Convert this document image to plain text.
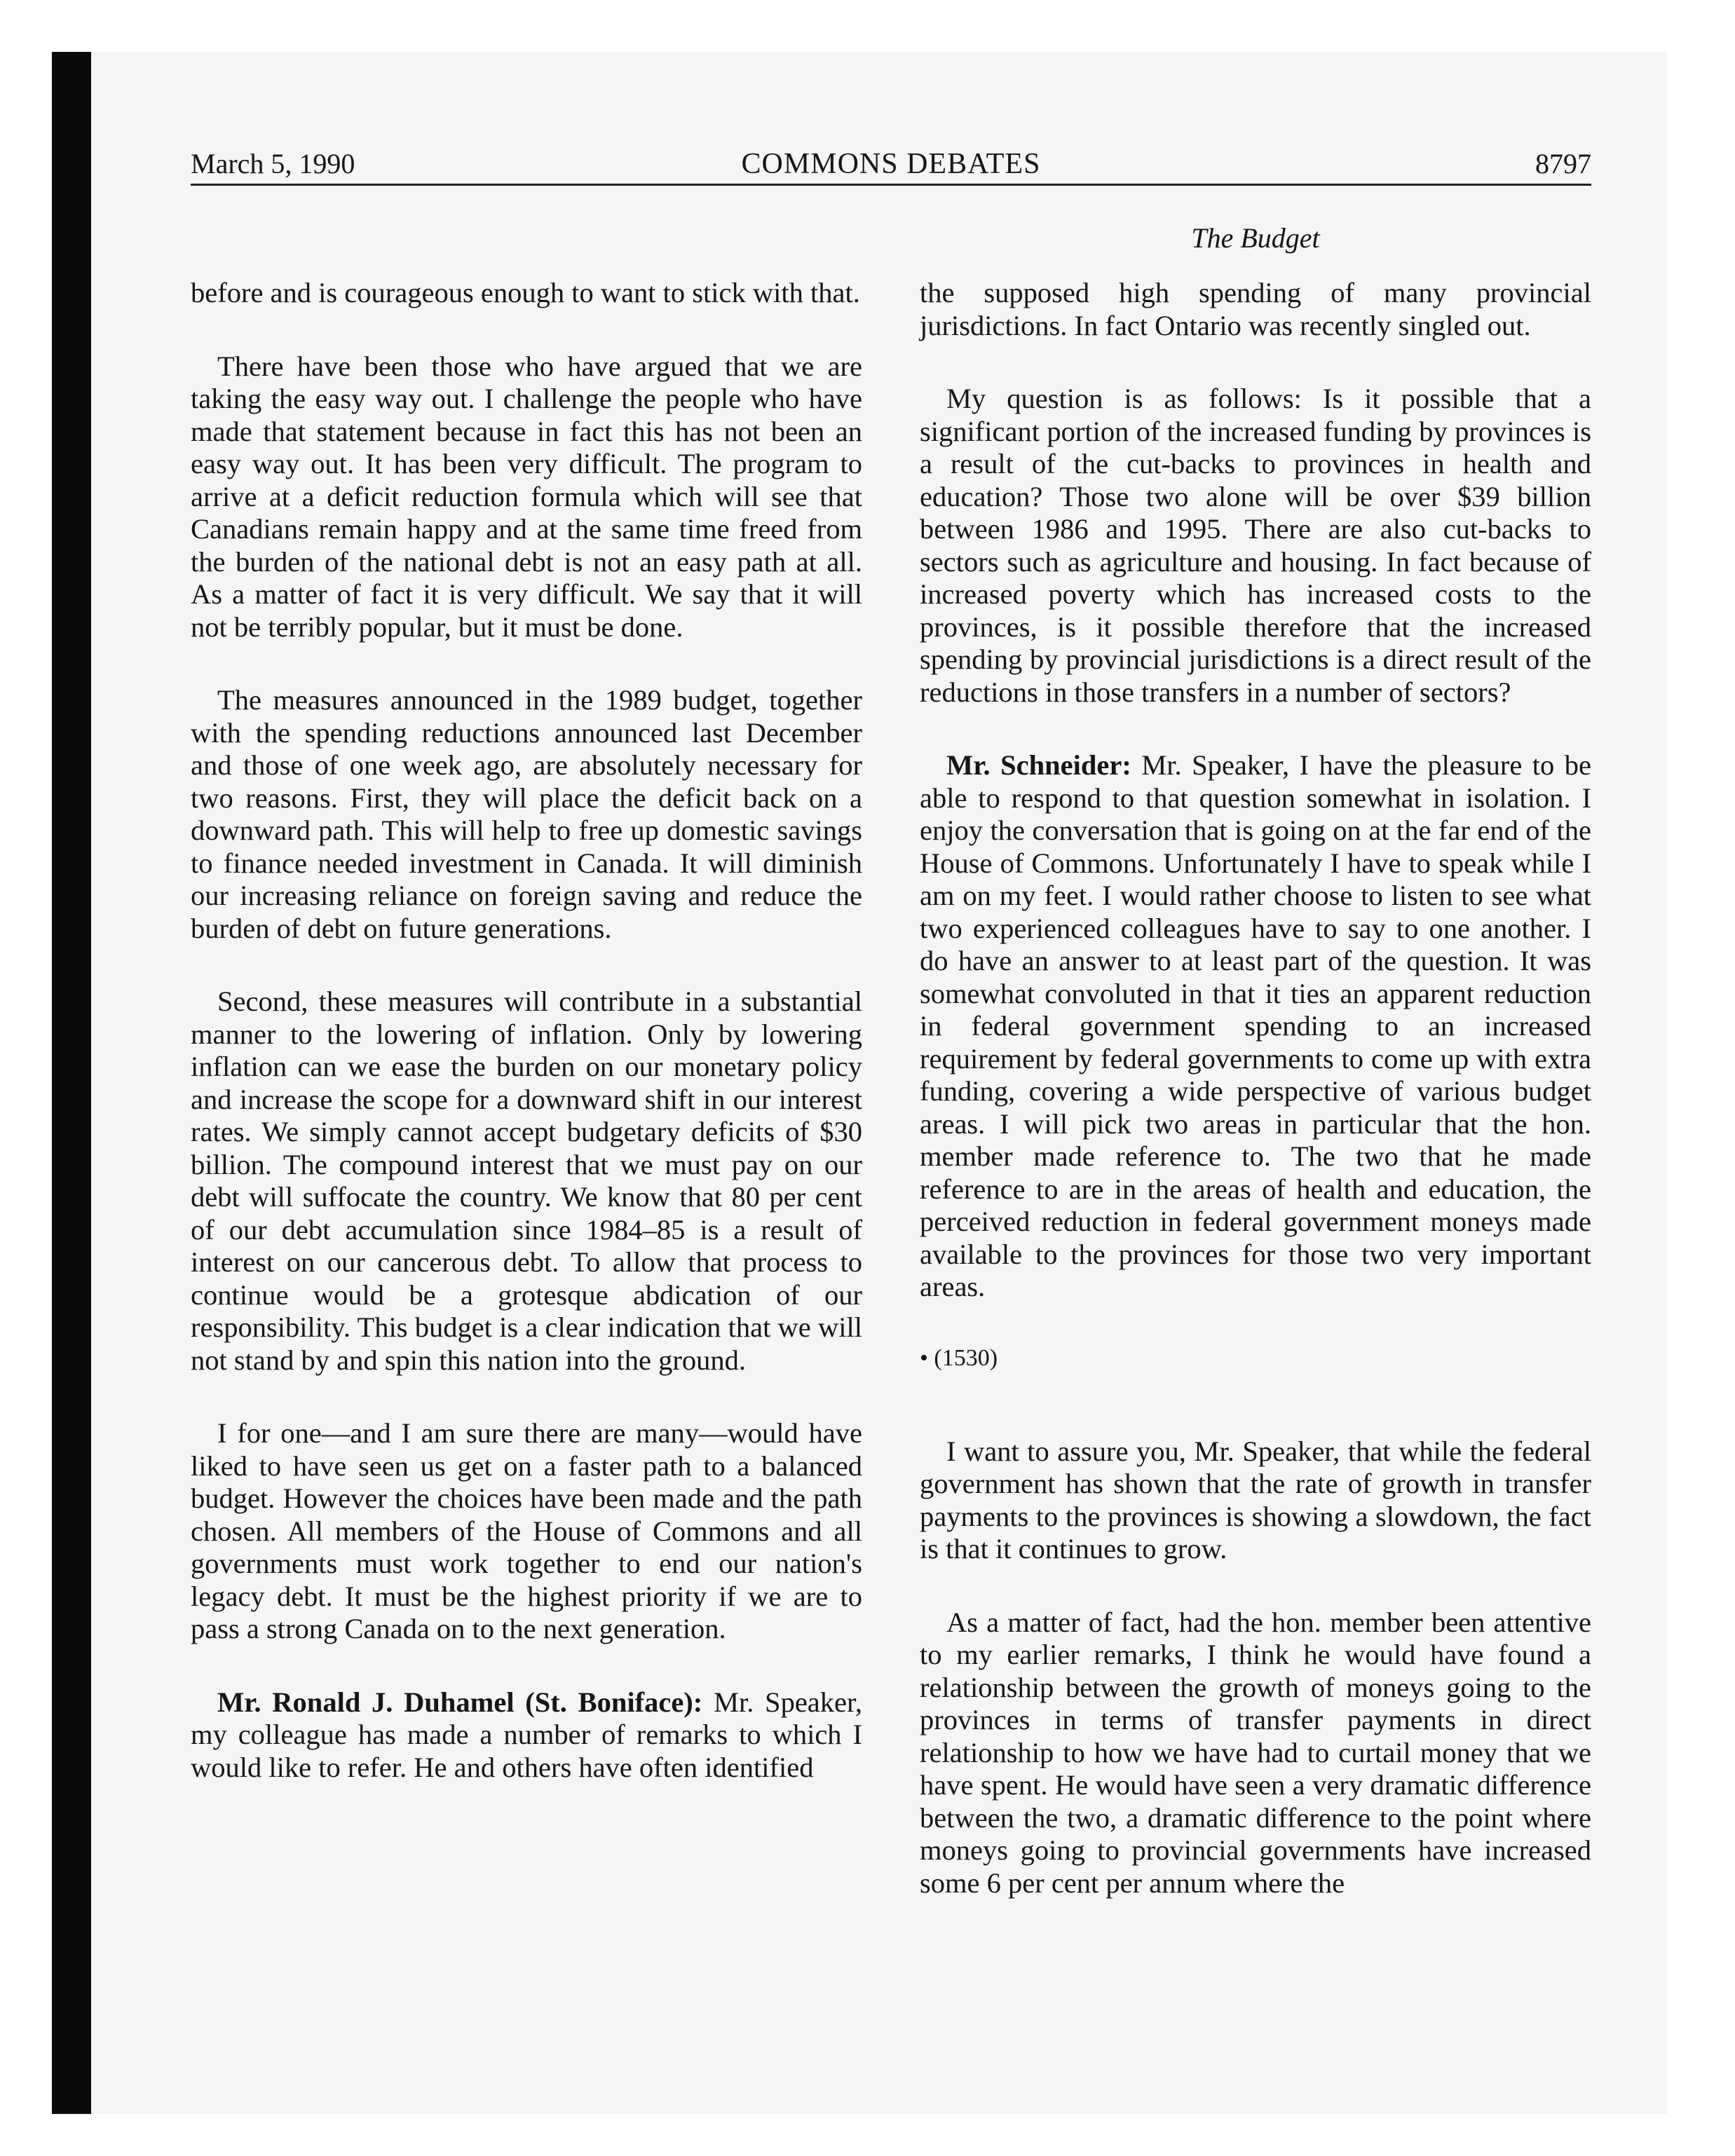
March 5, 1990	COMMONS DEBATES	8797
The Budget

before and is courageous enough to want to stick with that.

There have been those who have argued that we are taking the easy way out. I challenge the people who have made that statement because in fact this has not been an easy way out. It has been very difficult. The program to arrive at a deficit reduction formula which will see that Canadians remain happy and at the same time freed from the burden of the national debt is not an easy path at all. As a matter of fact it is very difficult. We say that it will not be terribly popular, but it must be done.

The measures announced in the 1989 budget, together with the spending reductions announced last December and those of one week ago, are absolutely necessary for two reasons. First, they will place the deficit back on a downward path. This will help to free up domestic savings to finance needed investment in Canada. It will diminish our increasing reliance on foreign saving and reduce the burden of debt on future generations.

Second, these measures will contribute in a substantial manner to the lowering of inflation. Only by lowering inflation can we ease the burden on our monetary policy and increase the scope for a downward shift in our interest rates. We simply cannot accept budgetary deficits of $30 billion. The compound interest that we must pay on our debt will suffocate the country. We know that 80 per cent of our debt accumulation since 1984–85 is a result of interest on our cancerous debt. To allow that process to continue would be a grotesque abdication of our responsibility. This budget is a clear indication that we will not stand by and spin this nation into the ground.

I for one—and I am sure there are many—would have liked to have seen us get on a faster path to a balanced budget. However the choices have been made and the path chosen. All members of the House of Commons and all governments must work together to end our nation's legacy debt. It must be the highest priority if we are to pass a strong Canada on to the next generation.

Mr. Ronald J. Duhamel (St. Boniface): Mr. Speaker, my colleague has made a number of remarks to which I would like to refer. He and others have often identified

the supposed high spending of many provincial jurisdictions. In fact Ontario was recently singled out.

My question is as follows: Is it possible that a significant portion of the increased funding by provinces is a result of the cut-backs to provinces in health and education? Those two alone will be over $39 billion between 1986 and 1995. There are also cut-backs to sectors such as agriculture and housing. In fact because of increased poverty which has increased costs to the provinces, is it possible therefore that the increased spending by provincial jurisdictions is a direct result of the reductions in those transfers in a number of sectors?

Mr. Schneider: Mr. Speaker, I have the pleasure to be able to respond to that question somewhat in isolation. I enjoy the conversation that is going on at the far end of the House of Commons. Unfortunately I have to speak while I am on my feet. I would rather choose to listen to see what two experienced colleagues have to say to one another. I do have an answer to at least part of the question. It was somewhat convoluted in that it ties an apparent reduction in federal government spending to an increased requirement by federal governments to come up with extra funding, covering a wide perspective of various budget areas. I will pick two areas in particular that the hon. member made reference to. The two that he made reference to are in the areas of health and education, the perceived reduction in federal government moneys made available to the provinces for those two very important areas.

• (1530)

I want to assure you, Mr. Speaker, that while the federal government has shown that the rate of growth in transfer payments to the provinces is showing a slowdown, the fact is that it continues to grow.

As a matter of fact, had the hon. member been attentive to my earlier remarks, I think he would have found a relationship between the growth of moneys going to the provinces in terms of transfer payments in direct relationship to how we have had to curtail money that we have spent. He would have seen a very dramatic difference between the two, a dramatic difference to the point where moneys going to provincial governments have increased some 6 per cent per annum where the
